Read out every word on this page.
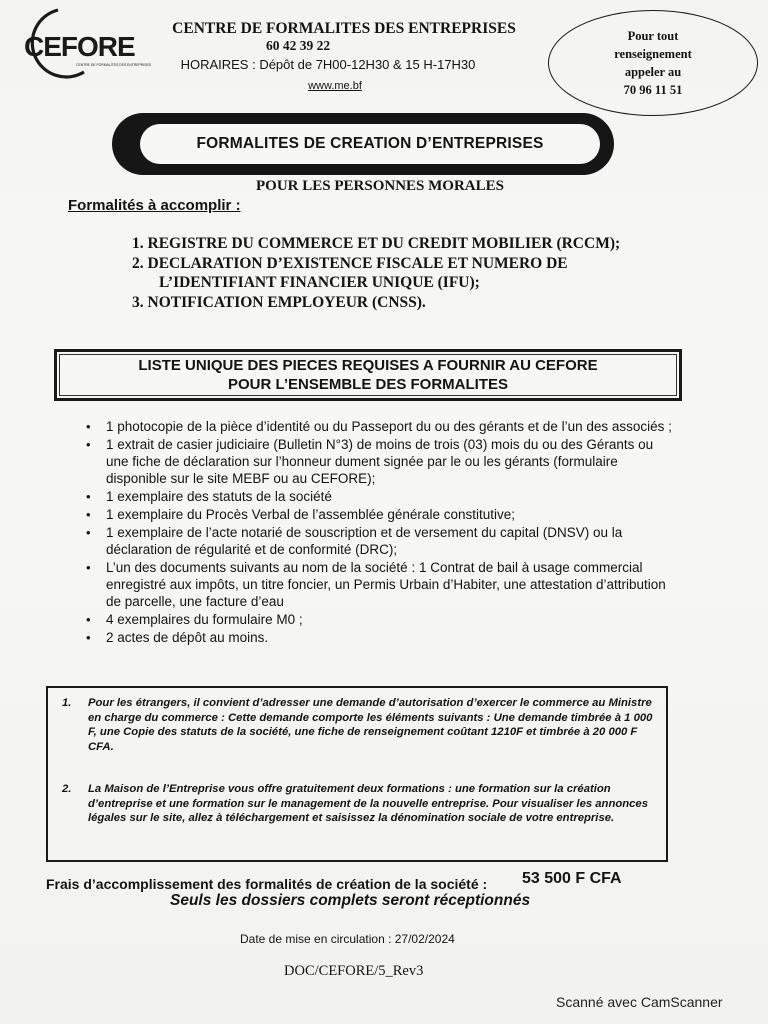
CEFORE
CENTRE DE FORMALITES DES ENTREPRISES
CENTRE DE FORMALITES DES ENTREPRISES
60 42 39 22
HORAIRES : Dépôt de 7H00-12H30 & 15 H-17H30
www.me.bf
Pour tout
renseignement
appeler au
70 96 11 51
FORMALITES DE CREATION D’ENTREPRISES
POUR LES PERSONNES MORALES
Formalités à accomplir :
1. REGISTRE DU COMMERCE ET DU CREDIT MOBILIER (RCCM);
2. DECLARATION D’EXISTENCE FISCALE ET NUMERO DE L’IDENTIFIANT FINANCIER UNIQUE (IFU);
3. NOTIFICATION EMPLOYEUR (CNSS).
LISTE UNIQUE DES PIECES REQUISES A FOURNIR AU CEFORE
POUR L’ENSEMBLE DES FORMALITES
• 1 photocopie de la pièce d’identité ou du Passeport du ou des gérants et de l’un des associés ;
• 1 extrait de casier judiciaire (Bulletin N°3) de moins de trois (03) mois du ou des Gérants ou une fiche de déclaration sur l’honneur dument signée par le ou les gérants (formulaire disponible sur le site MEBF ou au CEFORE);
• 1 exemplaire des statuts de la société
• 1 exemplaire du Procès Verbal de l’assemblée générale constitutive;
• 1 exemplaire de l’acte notarié de souscription et de versement du capital (DNSV) ou la déclaration de régularité et de conformité (DRC);
• L’un des documents suivants au nom de la société : 1 Contrat de bail à usage commercial enregistré aux impôts, un titre foncier, un Permis Urbain d’Habiter, une attestation d’attribution de parcelle, une facture d’eau
• 4 exemplaires du formulaire M0 ;
• 2 actes de dépôt au moins.
1. Pour les étrangers, il convient d’adresser une demande d’autorisation d’exercer le commerce au Ministre en charge du commerce : Cette demande comporte les éléments suivants : Une demande timbrée à 1 000 F, une Copie des statuts de la société, une fiche de renseignement coûtant 1210F et timbrée à 20 000 F CFA.
2. La Maison de l’Entreprise vous offre gratuitement deux formations : une formation sur la création d’entreprise et une formation sur le management de la nouvelle entreprise. Pour visualiser les annonces légales sur le site, allez à téléchargement et saisissez la dénomination sociale de votre entreprise.
Frais d’accomplissement des formalités de création de la société : 53 500 F CFA
Seuls les dossiers complets seront réceptionnés
Date de mise en circulation : 27/02/2024
DOC/CEFORE/5_Rev3
Scanné avec CamScanner
